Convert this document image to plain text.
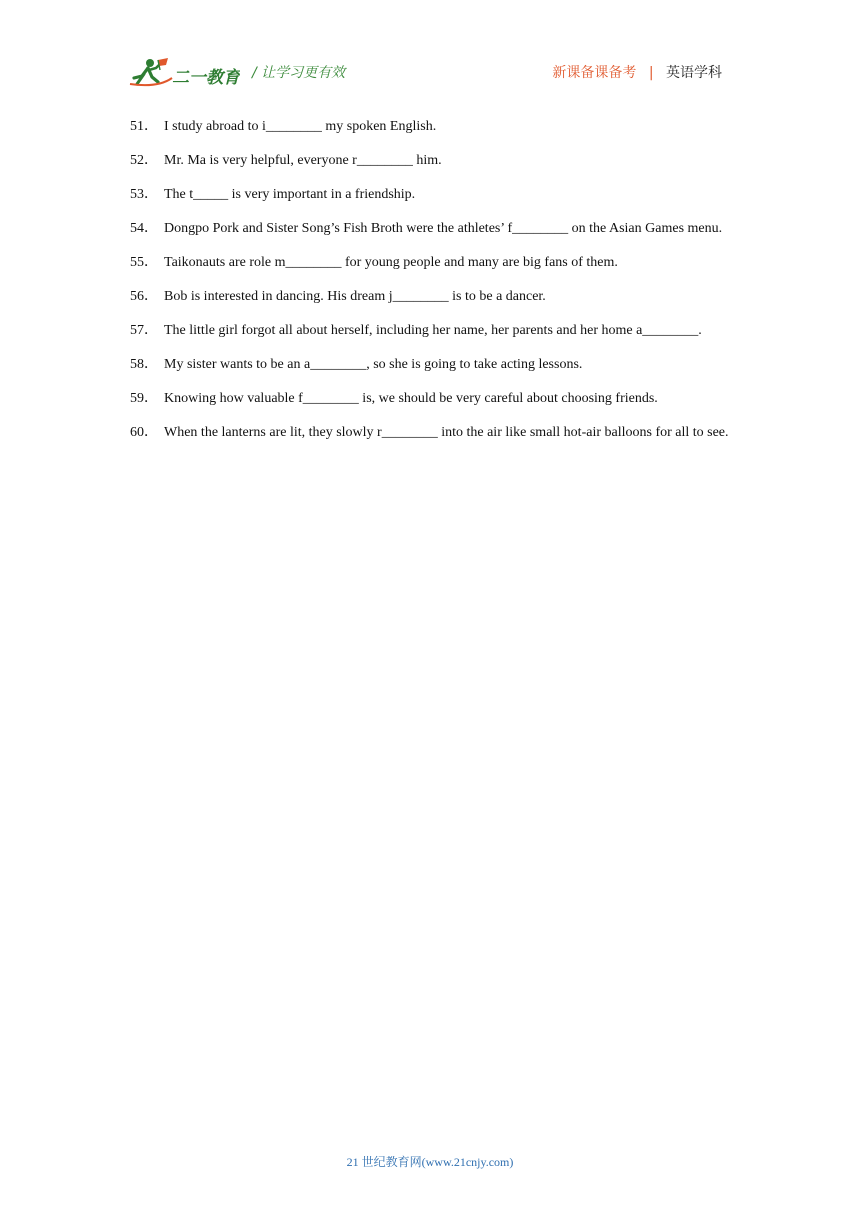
二一教育 / 让学习更有效	新课备课备考 | 英语学科

51． I study abroad to i________ my spoken English.

52． Mr. Ma is very helpful, everyone r________ him.

53． The t_____ is very important in a friendship.

54． Dongpo Pork and Sister Song’s Fish Broth were the athletes’ f________ on the Asian Games menu.

55． Taikonauts are role m________ for young people and many are big fans of them.

56． Bob is interested in dancing. His dream j________ is to be a dancer.

57． The little girl forgot all about herself, including her name, her parents and her home a________.

58． My sister wants to be an a________, so she is going to take acting lessons.

59． Knowing how valuable f________ is, we should be very careful about choosing friends.

60． When the lanterns are lit, they slowly r________ into the air like small hot-air balloons for all to see.

21 世纪教育网(www.21cnjy.com)
